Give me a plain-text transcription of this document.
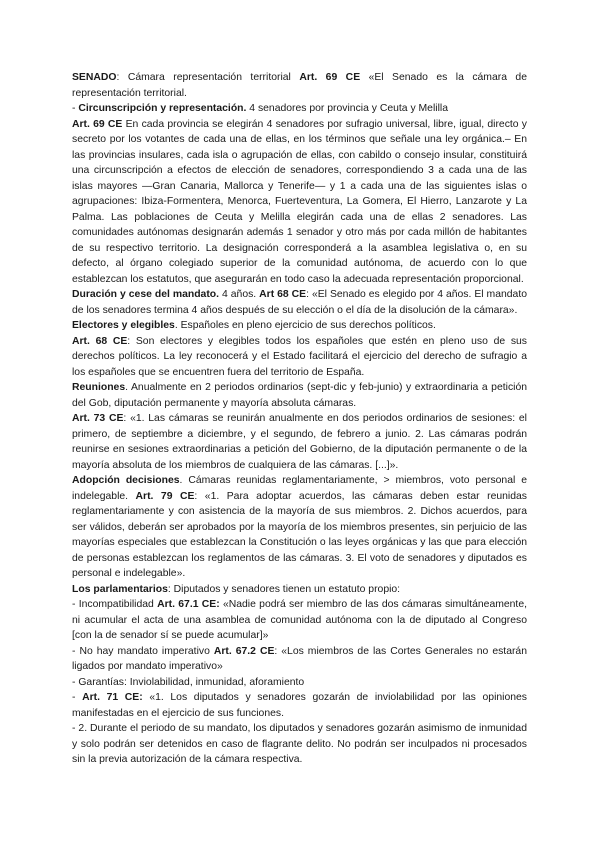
SENADO: Cámara representación territorial Art. 69 CE «El Senado es la cámara de representación territorial.

- Circunscripción y representación. 4 senadores por provincia y Ceuta y Melilla

Art. 69 CE En cada provincia se elegirán 4 senadores por sufragio universal, libre, igual, directo y secreto por los votantes de cada una de ellas, en los términos que señale una ley orgánica.– En las provincias insulares, cada isla o agrupación de ellas, con cabildo o consejo insular, constituirá una circunscripción a efectos de elección de senadores, correspondiendo 3 a cada una de las islas mayores —Gran Canaria, Mallorca y Tenerife— y 1 a cada una de las siguientes islas o agrupaciones: Ibiza-Formentera, Menorca, Fuerteventura, La Gomera, El Hierro, Lanzarote y La Palma. Las poblaciones de Ceuta y Melilla elegirán cada una de ellas 2 senadores. Las comunidades autónomas designarán además 1 senador y otro más por cada millón de habitantes de su respectivo territorio. La designación corresponderá a la asamblea legislativa o, en su defecto, al órgano colegiado superior de la comunidad autónoma, de acuerdo con lo que establezcan los estatutos, que asegurarán en todo caso la adecuada representación proporcional.

Duración y cese del mandato. 4 años. Art 68 CE: «El Senado es elegido por 4 años. El mandato de los senadores termina 4 años después de su elección o el día de la disolución de la cámara».

Electores y elegibles. Españoles en pleno ejercicio de sus derechos políticos.

Art. 68 CE: Son electores y elegibles todos los españoles que estén en pleno uso de sus derechos políticos. La ley reconocerá y el Estado facilitará el ejercicio del derecho de sufragio a los españoles que se encuentren fuera del territorio de España.

Reuniones. Anualmente en 2 periodos ordinarios (sept-dic y feb-junio) y extraordinaria a petición del Gob, diputación permanente y mayoría absoluta cámaras.

Art. 73 CE: «1. Las cámaras se reunirán anualmente en dos periodos ordinarios de sesiones: el primero, de septiembre a diciembre, y el segundo, de febrero a junio. 2. Las cámaras podrán reunirse en sesiones extraordinarias a petición del Gobierno, de la diputación permanente o de la mayoría absoluta de los miembros de cualquiera de las cámaras. [...]».

Adopción decisiones. Cámaras reunidas reglamentariamente, > miembros, voto personal e indelegable. Art. 79 CE: «1. Para adoptar acuerdos, las cámaras deben estar reunidas reglamentariamente y con asistencia de la mayoría de sus miembros. 2. Dichos acuerdos, para ser válidos, deberán ser aprobados por la mayoría de los miembros presentes, sin perjuicio de las mayorías especiales que establezcan la Constitución o las leyes orgánicas y las que para elección de personas establezcan los reglamentos de las cámaras. 3. El voto de senadores y diputados es personal e indelegable».

Los parlamentarios: Diputados y senadores tienen un estatuto propio:

- Incompatibilidad Art. 67.1 CE: «Nadie podrá ser miembro de las dos cámaras simultáneamente, ni acumular el acta de una asamblea de comunidad autónoma con la de diputado al Congreso [con la de senador sí se puede acumular]»

- No hay mandato imperativo Art. 67.2 CE: «Los miembros de las Cortes Generales no estarán ligados por mandato imperativo»

- Garantías: Inviolabilidad, inmunidad, aforamiento

- Art. 71 CE: «1. Los diputados y senadores gozarán de inviolabilidad por las opiniones manifestadas en el ejercicio de sus funciones.

- 2. Durante el periodo de su mandato, los diputados y senadores gozarán asimismo de inmunidad y solo podrán ser detenidos en caso de flagrante delito. No podrán ser inculpados ni procesados sin la previa autorización de la cámara respectiva.
